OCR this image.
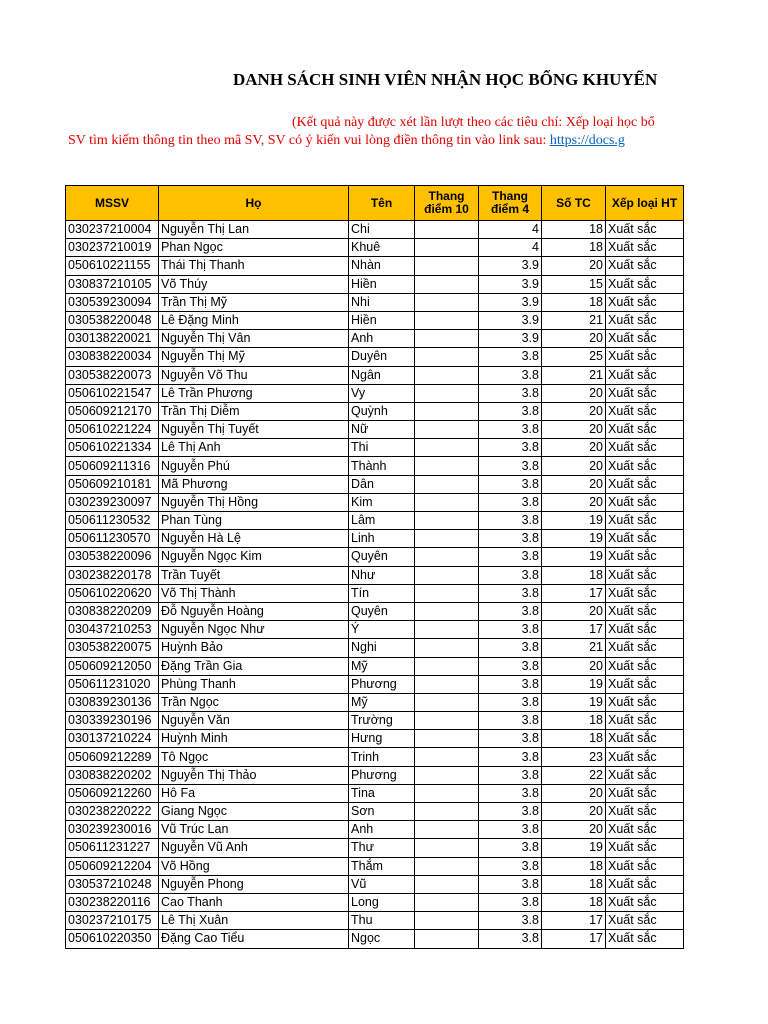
DANH SÁCH SINH VIÊN NHẬN HỌC BỔNG KHUYẾN
(Kết quả này được xét lần lượt theo các tiêu chí: Xếp loại học bổ
SV tìm kiếm thông tin theo mã SV, SV có ý kiến vui lòng điền thông tin vào link sau: https://docs.g
MSSV	Họ	Tên	Thang điểm 10	Thang điểm 4	Số TC	Xếp loại HT
030237210004	Nguyễn Thị Lan	Chi		4	18	Xuất sắc
030237210019	Phan Ngọc	Khuê		4	18	Xuất sắc
050610221155	Thái Thị Thanh	Nhàn		3.9	20	Xuất sắc
030837210105	Võ Thúy	Hiền		3.9	15	Xuất sắc
030539230094	Trần Thị Mỹ	Nhi		3.9	18	Xuất sắc
030538220048	Lê Đặng Minh	Hiền		3.9	21	Xuất sắc
030138220021	Nguyễn Thị Vân	Anh		3.9	20	Xuất sắc
030838220034	Nguyễn Thị Mỹ	Duyên		3.8	25	Xuất sắc
030538220073	Nguyễn Võ Thu	Ngân		3.8	21	Xuất sắc
050610221547	Lê Trần Phương	Vy		3.8	20	Xuất sắc
050609212170	Trần Thị Diễm	Quỳnh		3.8	20	Xuất sắc
050610221224	Nguyễn Thị Tuyết	Nữ		3.8	20	Xuất sắc
050610221334	Lê Thị Anh	Thi		3.8	20	Xuất sắc
050609211316	Nguyễn Phú	Thành		3.8	20	Xuất sắc
050609210181	Mã Phương	Dân		3.8	20	Xuất sắc
030239230097	Nguyễn Thị Hồng	Kim		3.8	20	Xuất sắc
050611230532	Phan Tùng	Lâm		3.8	19	Xuất sắc
050611230570	Nguyễn Hà Lệ	Linh		3.8	19	Xuất sắc
030538220096	Nguyễn Ngọc Kim	Quyên		3.8	19	Xuất sắc
030238220178	Trần Tuyết	Như		3.8	18	Xuất sắc
050610220620	Võ Thị Thành	Tín		3.8	17	Xuất sắc
030838220209	Đỗ Nguyễn Hoàng	Quyên		3.8	20	Xuất sắc
030437210253	Nguyễn Ngọc Như	Ý		3.8	17	Xuất sắc
030538220075	Huỳnh Bảo	Nghi		3.8	21	Xuất sắc
050609212050	Đặng Trần Gia	Mỹ		3.8	20	Xuất sắc
050611231020	Phùng Thanh	Phương		3.8	19	Xuất sắc
030839230136	Trần Ngọc	Mỹ		3.8	19	Xuất sắc
030339230196	Nguyễn Văn	Trường		3.8	18	Xuất sắc
030137210224	Huỳnh Minh	Hưng		3.8	18	Xuất sắc
050609212289	Tô Ngọc	Trinh		3.8	23	Xuất sắc
030838220202	Nguyễn Thị Thảo	Phương		3.8	22	Xuất sắc
050609212260	Hô Fa	Tina		3.8	20	Xuất sắc
030238220222	Giang Ngọc	Sơn		3.8	20	Xuất sắc
030239230016	Vũ Trúc Lan	Anh		3.8	20	Xuất sắc
050611231227	Nguyễn Vũ Anh	Thư		3.8	19	Xuất sắc
050609212204	Võ Hồng	Thắm		3.8	18	Xuất sắc
030537210248	Nguyễn Phong	Vũ		3.8	18	Xuất sắc
030238220116	Cao Thanh	Long		3.8	18	Xuất sắc
030237210175	Lê Thị Xuân	Thu		3.8	17	Xuất sắc
050610220350	Đặng Cao Tiểu	Ngọc		3.8	17	Xuất sắc
